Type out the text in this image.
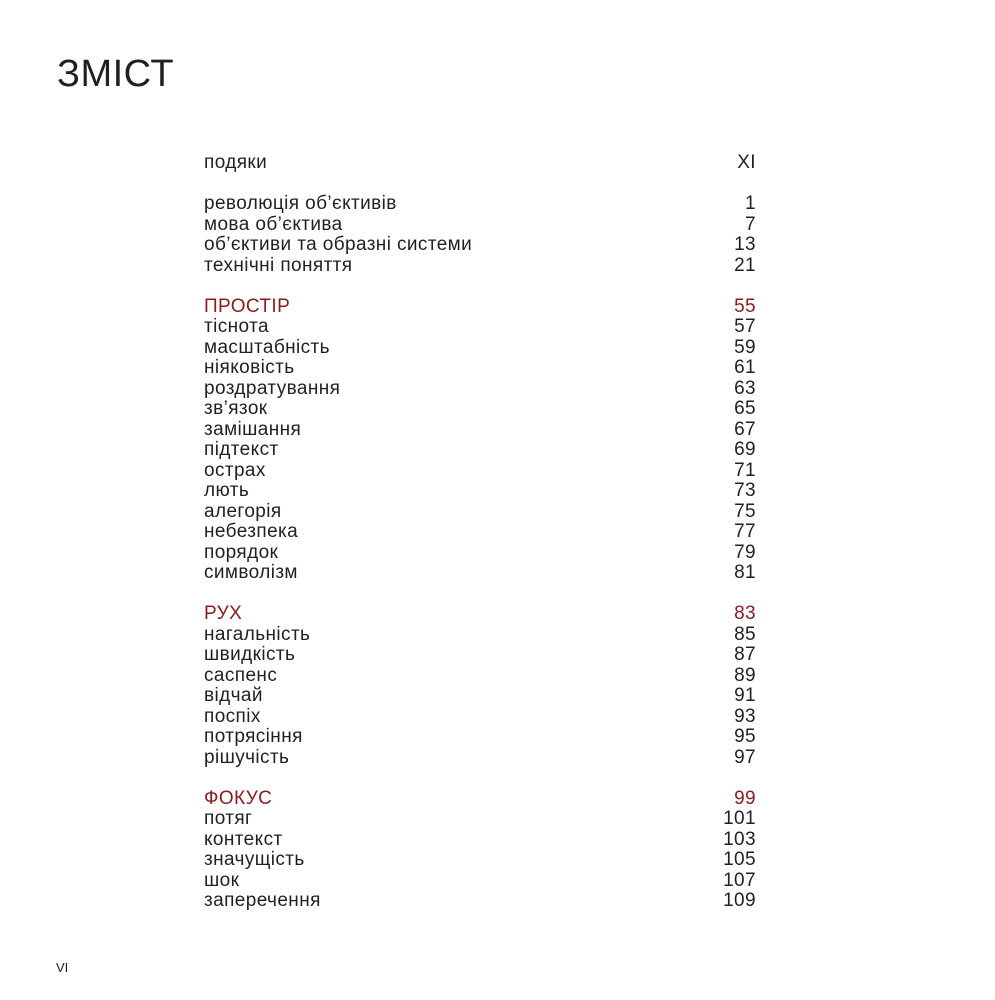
ЗМІСТ
подяки	XI
революція об’єктивів	1
мова об’єктива	7
об’єктиви та образні системи	13
технічні поняття	21
ПРОСТІР	55
тіснота	57
масштабність	59
ніяковість	61
роздратування	63
зв’язок	65
замішання	67
підтекст	69
острах	71
лють	73
алегорія	75
небезпека	77
порядок	79
символізм	81
РУХ	83
нагальність	85
швидкість	87
саспенс	89
відчай	91
поспіх	93
потрясіння	95
рішучість	97
ФОКУС	99
потяг	101
контекст	103
значущість	105
шок	107
заперечення	109
VI
